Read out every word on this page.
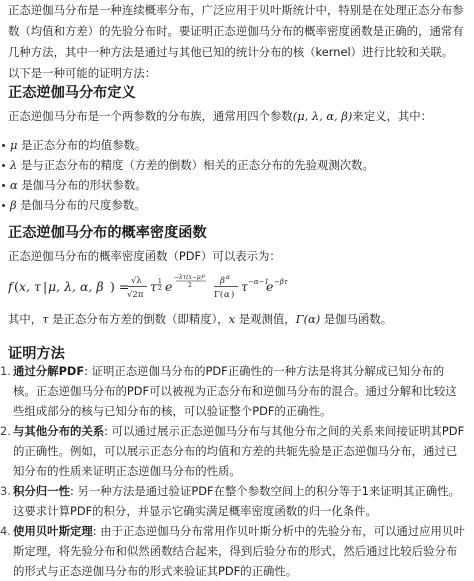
正态逆伽马分布是一种连续概率分布，广泛应用于贝叶斯统计中，特别是在处理正态分布参数（均值和方差）的先验分布时。要证明正态逆伽马分布的概率密度函数是正确的，通常有几种方法，其中一种方法是通过与其他已知的统计分布的核（kernel）进行比较和关联。以下是一种可能的证明方法：

正态逆伽马分布定义

正态逆伽马分布是一个两参数的分布族，通常用四个参数(μ, λ, α, β)来定义，其中：

μ 是正态分布的均值参数。
λ 是与正态分布的精度（方差的倒数）相关的正态分布的先验观测次数。
α 是伽马分布的形状参数。
β 是伽马分布的尺度参数。
正态逆伽马分布的概率密度函数

正态逆伽马分布的概率密度函数（PDF）可以表示为：

f ( x, τ | μ, λ, α, β ) = √λ
√2π
τ 1
2 e
−λτ(x−μ)²
2	β α
Γ( α )
τ −α−1
e −βτ

其中，τ 是正态分布方差的倒数（即精度），x 是观测值，Γ(α) 是伽马函数。

证明方法
1. 通过分解PDF: 证明正态逆伽马分布的PDF正确性的一种方法是将其分解成已知分布的核。正态逆伽马分布的PDF可以被视为正态分布和逆伽马分布的混合。通过分解和比较这些组成部分的核与已知分布的核，可以验证整个PDF的正确性。
2. 与其他分布的关系: 可以通过展示正态逆伽马分布与其他分布之间的关系来间接证明其PDF的正确性。例如，可以展示正态分布的均值和方差的共轭先验是正态逆伽马分布，通过已知分布的性质来证明正态逆伽马分布的性质。
3. 积分归一性: 另一种方法是通过验证PDF在整个参数空间上的积分等于1来证明其正确性。这要求计算PDF的积分，并显示它确实满足概率密度函数的归一化条件。
4. 使用贝叶斯定理: 由于正态逆伽马分布常用作贝叶斯分析中的先验分布，可以通过应用贝叶斯定理，将先验分布和似然函数结合起来，得到后验分布的形式，然后通过比较后验分布的形式与正态逆伽马分布的形式来验证其PDF的正确性。
